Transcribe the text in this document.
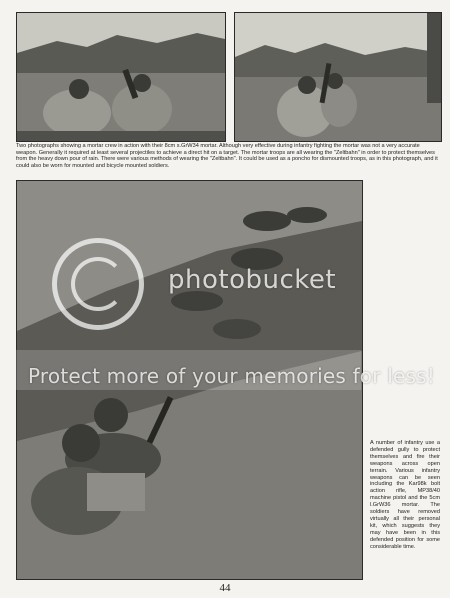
Two photographs showing a mortar crew in action with their 8cm s.GrW34 mortar. Although very effective during infantry fighting the mortar was not a very accurate weapon. Generally it required at least several projectiles to achieve a direct hit on a target. The mortar troops are all wearing the "Zeltbahn" in order to protect themselves from the heavy down pour of rain. There were various methods of wearing the "Zeltbahn". It could be used as a poncho for dismounted troops, as in this photograph, and it could also be worn for mounted and bicycle mounted soldiers.

A number of infantry use a defended gully to protect themselves and fire their weapons across open terrain. Various infantry weapons can be seen including the Kar98k bolt action rifle, MP38/40 machine pistol and the 5cm l.GrW36 mortar. The soldiers have removed virtually all their personal kit, which suggests they may have been in this defended position for some considerable time.

44
photobucket
Protect more of your memories for less!
